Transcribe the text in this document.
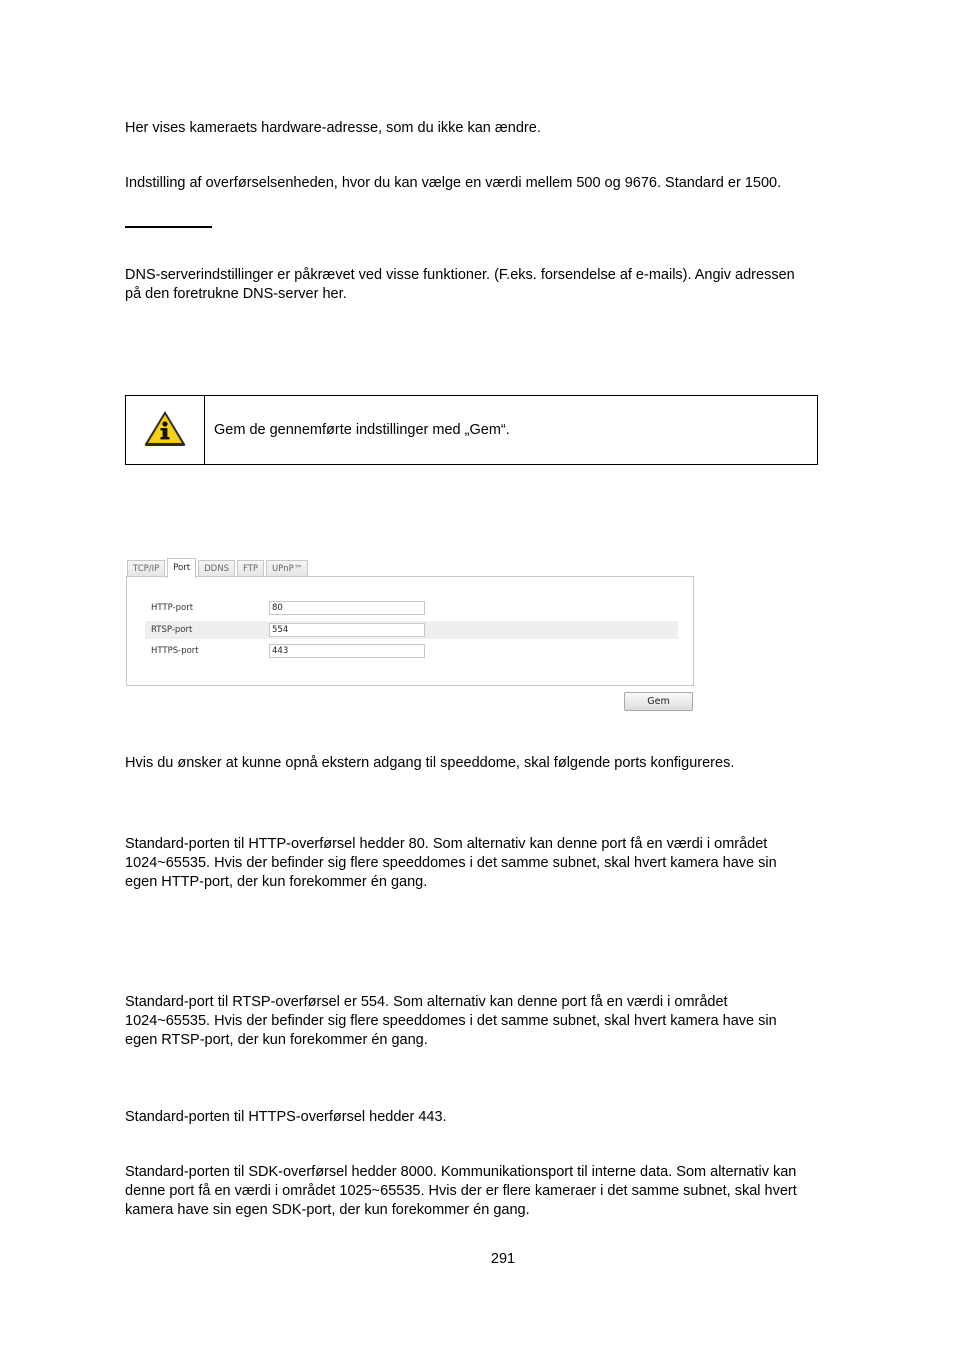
Her vises kameraets hardware-adresse, som du ikke kan ændre.

Indstilling af overførselsenheden, hvor du kan vælge en værdi mellem 500 og 9676. Standard er 1500.

DNS-serverindstillinger er påkrævet ved visse funktioner. (F.eks. forsendelse af e-mails). Angiv adressen
på den foretrukne DNS-server her.

Gem de gennemførte indstillinger med „Gem“.
TCP/IP	Port	DDNS	FTP	UPnP™
HTTP-port	80
RTSP-port	554
HTTPS-port	443
Gem

Hvis du ønsker at kunne opnå ekstern adgang til speeddome, skal følgende ports konfigureres.

Standard-porten til HTTP-overførsel hedder 80. Som alternativ kan denne port få en værdi i området
1024~65535. Hvis der befinder sig flere speeddomes i det samme subnet, skal hvert kamera have sin
egen HTTP-port, der kun forekommer én gang.

Standard-port til RTSP-overførsel er 554. Som alternativ kan denne port få en værdi i området
1024~65535. Hvis der befinder sig flere speeddomes i det samme subnet, skal hvert kamera have sin
egen RTSP-port, der kun forekommer én gang.

Standard-porten til HTTPS-overførsel hedder 443.

Standard-porten til SDK-overførsel hedder 8000. Kommunikationsport til interne data. Som alternativ kan
denne port få en værdi i området 1025~65535. Hvis der er flere kameraer i det samme subnet, skal hvert
kamera have sin egen SDK-port, der kun forekommer én gang.

291
